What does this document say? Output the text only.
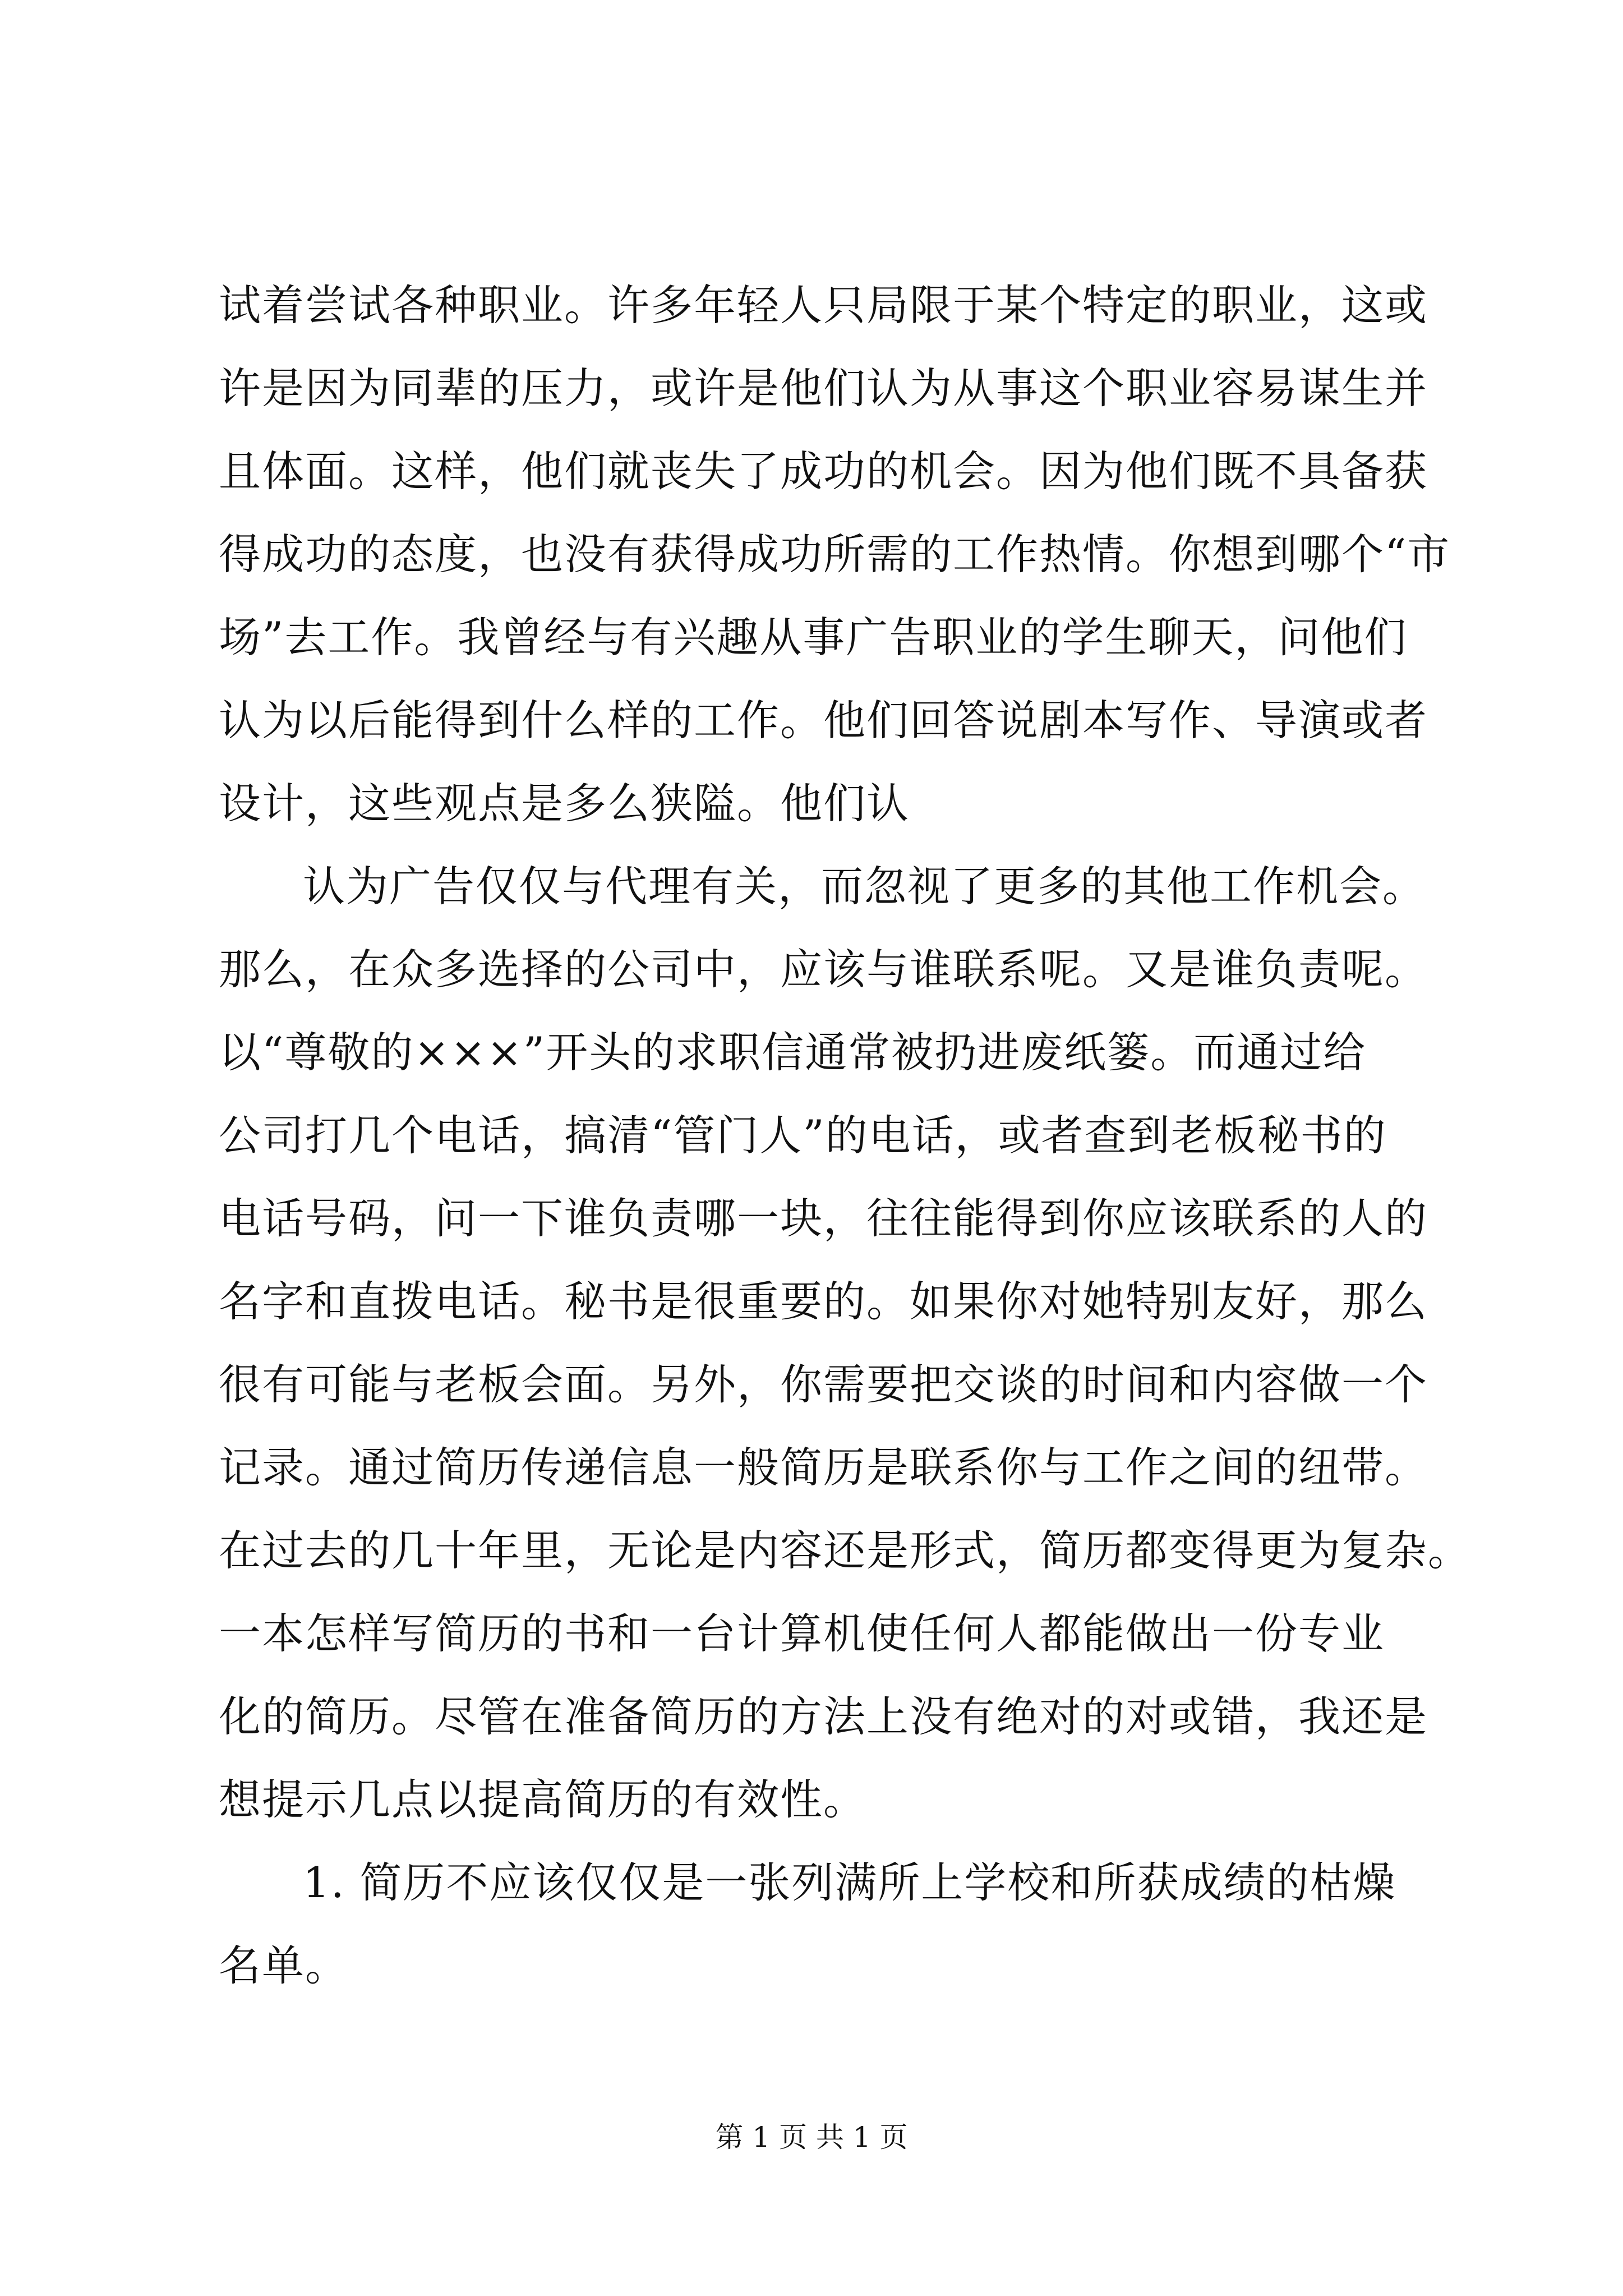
试着尝试各种职业。许多年轻人只局限于某个特定的职业，这或
许是因为同辈的压力，或许是他们认为从事这个职业容易谋生并
且体面。这样，他们就丧失了成功的机会。因为他们既不具备获
得成功的态度，也没有获得成功所需的工作热情。你想到哪个“市
场”去工作。我曾经与有兴趣从事广告职业的学生聊天，问他们
认为以后能得到什么样的工作。他们回答说剧本写作、导演或者
设计，这些观点是多么狭隘。他们认
认为广告仅仅与代理有关，而忽视了更多的其他工作机会。
那么，在众多选择的公司中，应该与谁联系呢。又是谁负责呢。
以“尊敬的×××”开头的求职信通常被扔进废纸篓。而通过给
公司打几个电话，搞清“管门人”的电话，或者查到老板秘书的
电话号码，问一下谁负责哪一块，往往能得到你应该联系的人的
名字和直拨电话。秘书是很重要的。如果你对她特别友好，那么
很有可能与老板会面。另外，你需要把交谈的时间和内容做一个
记录。通过简历传递信息一般简历是联系你与工作之间的纽带。
在过去的几十年里，无论是内容还是形式，简历都变得更为复杂。
一本怎样写简历的书和一台计算机使任何人都能做出一份专业
化的简历。尽管在准备简历的方法上没有绝对的对或错，我还是
想提示几点以提高简历的有效性。
1. 简历不应该仅仅是一张列满所上学校和所获成绩的枯燥
名单。
第 1 页 共 1 页
